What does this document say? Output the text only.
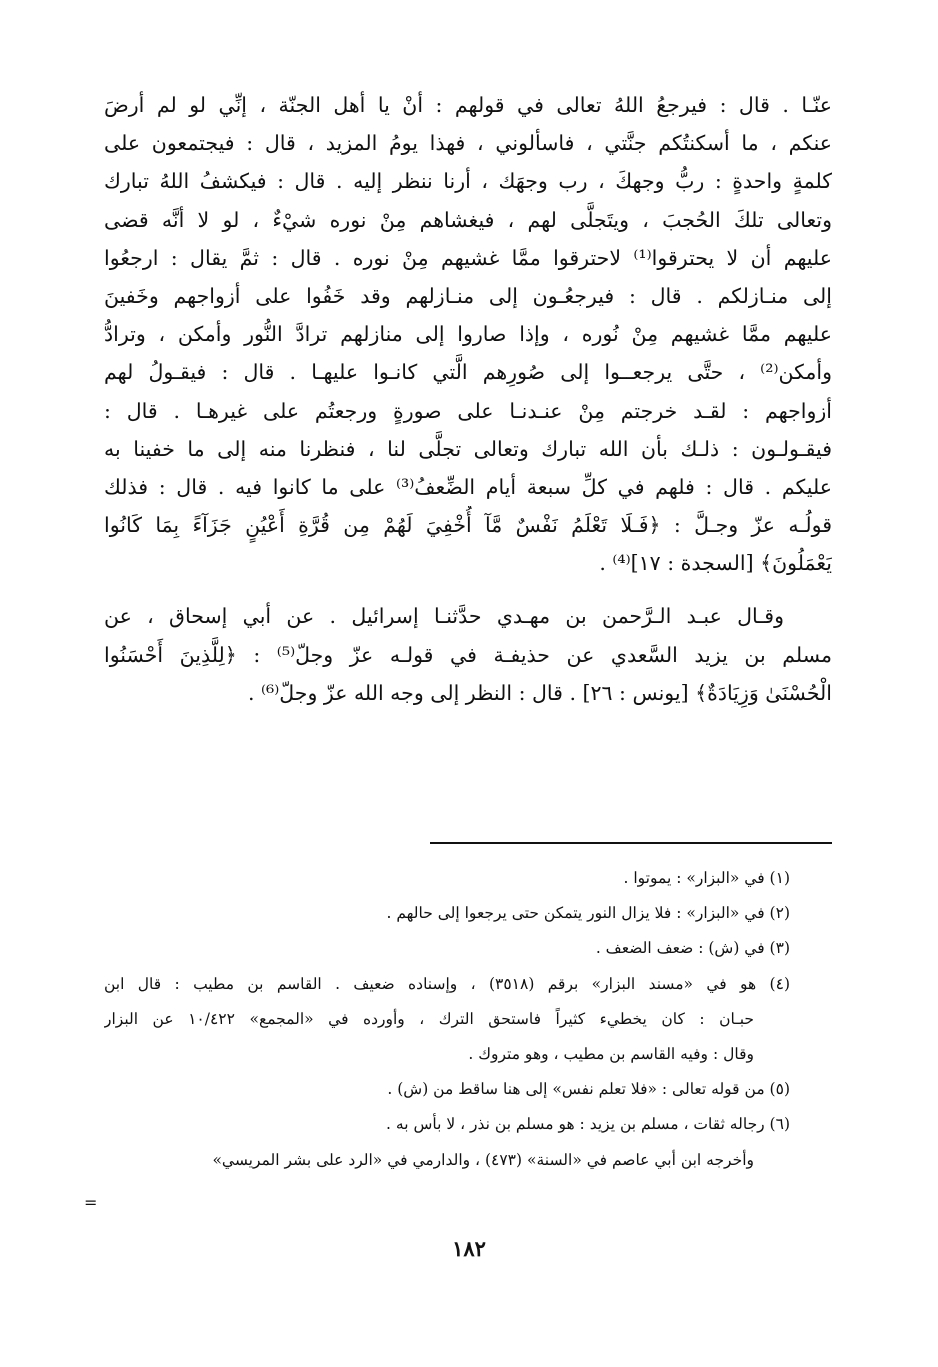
عنّـا . قال : فيرجعُ اللهُ تعالى في قولهم : أنْ يا أهل الجنّة ، إنِّي لو لم أرضَ
عنكم ، ما أسكنتُكم جنَّتي ، فاسألوني ، فهذا يومُ المزيد ، قال : فيجتمعون على
كلمةٍ واحدةٍ : ربُّ وجهكَ ، رب وجهَك ، أرنا ننظر إليه . قال : فيكشفُ اللهُ تبارك
وتعالى تلكَ الحُجبَ ، ويتَجلَّى لهم ، فيغشاهم مِنْ نوره شيْءٌ ، لو لا أنَّه قضى
عليهم أن لا يحترقوا⁽¹⁾ لاحترقوا ممَّا غشيهم مِنْ نوره . قال : ثمَّ يقال : ارجعُوا
إلى منـازلكم . قال : فيرجعُـون إلى منـازلهم وقد خَفُوا على أزواجهم وخَفينَ
عليهم ممَّا غشيهم مِنْ نُوره ، وإذا صاروا إلى منازلهم ترادَّ النُّور وأمكن ، وترادُّ
وأمكن⁽²⁾ ، حتَّى يرجعــوا إلى صُورِهم الَّتي كانـوا عليهـا . قال : فيقـولُ لهم
أزواجهم : لقـد خرجتم مِنْ عنـدنـا على صورةٍ ورجعتُم على غيرهـا . قال :
فيقـولـون : ذلـك بأن الله تبارك وتعالى تجلَّى لنا ، فنظرنا منه إلى ما خفينا به
عليكم . قال : فلهم في كلِّ سبعة أيام الضِّعفُ⁽³⁾ على ما كانوا فيه . قال : فذلك
قولُـه عزّ وجـلَّ : ﴿فَـلَا تَعْلَمُ نَفْسٌ مَّآ أُخْفِيَ لَهُمْ مِن قُرَّةِ أَعْيُنٍ جَزَآءً بِمَا كَانُوا
يَعْمَلُونَ﴾ [السجدة : ١٧]⁽⁴⁾ .
وقـال عبـد الـرَّحمن بن مهـدي حدَّثنـا إسرائيل . عن أبي إسحاق ، عن
مسلم بن يزيد السَّعدي عن حذيفـة في قولـه عزّ وجلّ⁽⁵⁾ : ﴿لِلَّذِينَ أَحْسَنُوا
الْحُسْنَىٰ وَزِيَادَةٌ﴾ [يونس : ٢٦] . قال : النظر إلى وجه الله عزّ وجلّ⁽⁶⁾ .
(١) في «البزار» : يموتوا .
(٢) في «البزار» : فلا يزال النور يتمكن حتى يرجعوا إلى حالهم .
(٣) في (ش) : ضعف الضعف .
(٤) هو في «مسند البزار» برقم (٣٥١٨) ، وإسناده ضعيف . القاسم بن مطيب : قال ابن
حبـان : كان يخطيء كثيراً فاستحق الترك ، وأورده في «المجمع» ١٠/٤٢٢ عن البزار
وقال : وفيه القاسم بن مطيب ، وهو متروك .
(٥) من قوله تعالى : «فلا تعلم نفس» إلى هنا ساقط من (ش) .
(٦) رجاله ثقات ، مسلم بن يزيد : هو مسلم بن نذر ، لا بأس به .
وأخرجه ابن أبي عاصم في «السنة» (٤٧٣) ، والدارمي في «الرد على بشر المريسي»
=
١٨٢
